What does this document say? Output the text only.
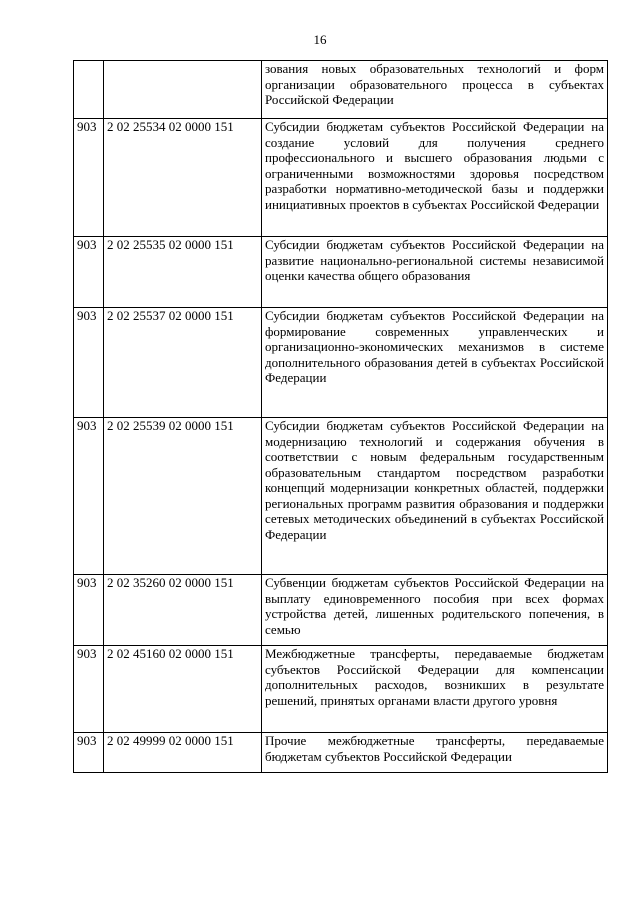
16
		зования новых образовательных технологий и форм организации образовательного процесса в субъектах Российской Федерации
903	2 02 25534 02 0000 151	Субсидии бюджетам субъектов Российской Федерации на создание условий для получения среднего профессионального и высшего образования людьми с ограниченными возможностями здоровья посредством разработки нормативно-методической базы и поддержки инициативных проектов в субъектах Российской Федерации
903	2 02 25535 02 0000 151	Субсидии бюджетам субъектов Российской Федерации на развитие национально-региональной системы независимой оценки качества общего образования
903	2 02 25537 02 0000 151	Субсидии бюджетам субъектов Российской Федерации на формирование современных управленческих и организационно-экономических механизмов в системе дополнительного образования детей в субъектах Российской Федерации
903	2 02 25539 02 0000 151	Субсидии бюджетам субъектов Российской Федерации на модернизацию технологий и содержания обучения в соответствии с новым федеральным государственным образовательным стандартом посредством разработки концепций модернизации конкретных областей, поддержки региональных программ развития образования и поддержки сетевых методических объединений в субъектах Российской Федерации
903	2 02 35260 02 0000 151	Субвенции бюджетам субъектов Российской Федерации на выплату единовременного пособия при всех формах устройства детей, лишенных родительского попечения, в семью
903	2 02 45160 02 0000 151	Межбюджетные трансферты, передаваемые бюджетам субъектов Российской Федерации для компенсации дополнительных расходов, возникших в результате решений, принятых органами власти другого уровня
903	2 02 49999 02 0000 151	Прочие межбюджетные трансферты, передаваемые бюджетам субъектов Российской Федерации
